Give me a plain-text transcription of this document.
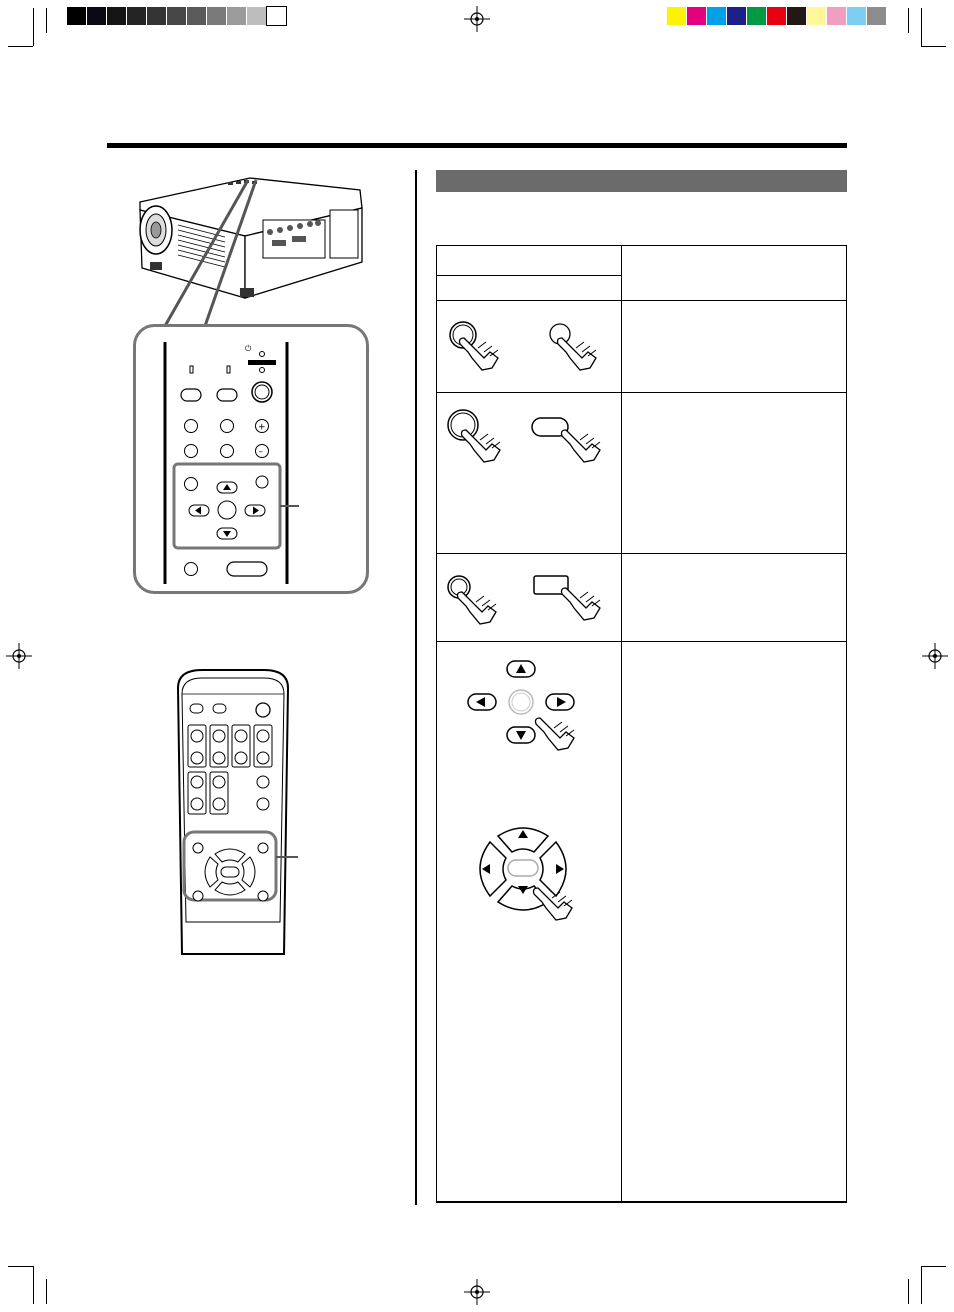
⏻
–
+
